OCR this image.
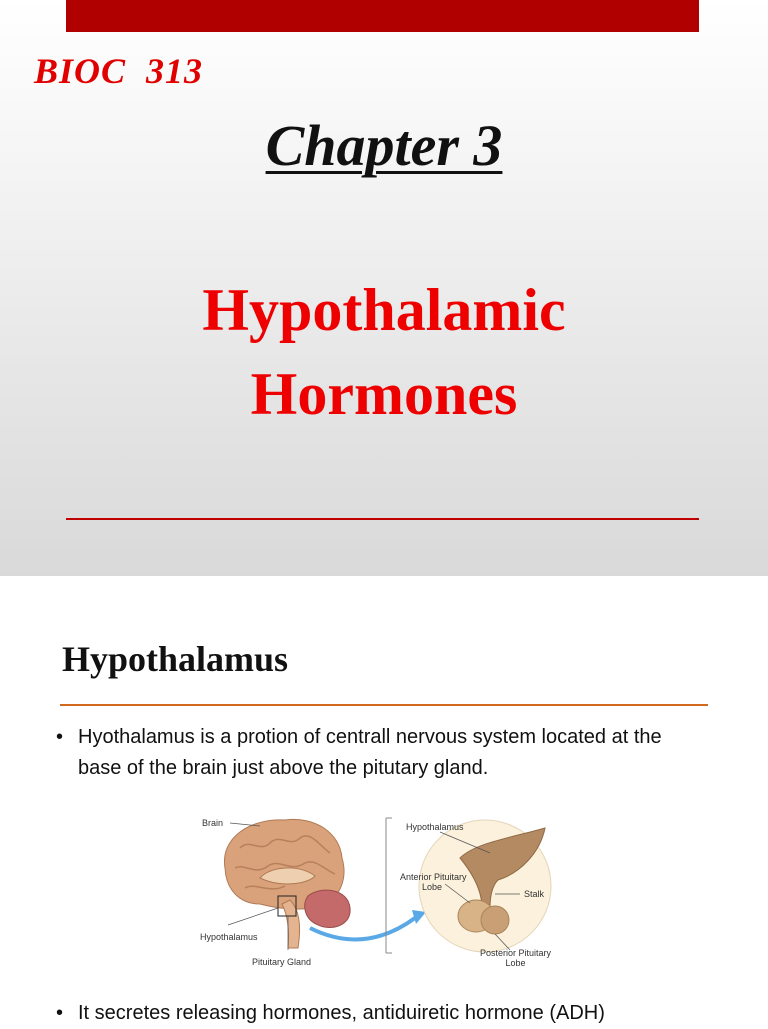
BIOC  313
Chapter 3
Hypothalamic
Hormones
Hypothalamus
• Hyothalamus is a protion of centrall nervous system located at the base of the brain just above the pitutary gland.
Brain
Hypothalamus
Pituitary Gland
Hypothalamus
Anterior Pituitary
Lobe
Stalk
Posterior Pituitary
Lobe
• It secretes releasing hormones, antiduiretic hormone (ADH)
